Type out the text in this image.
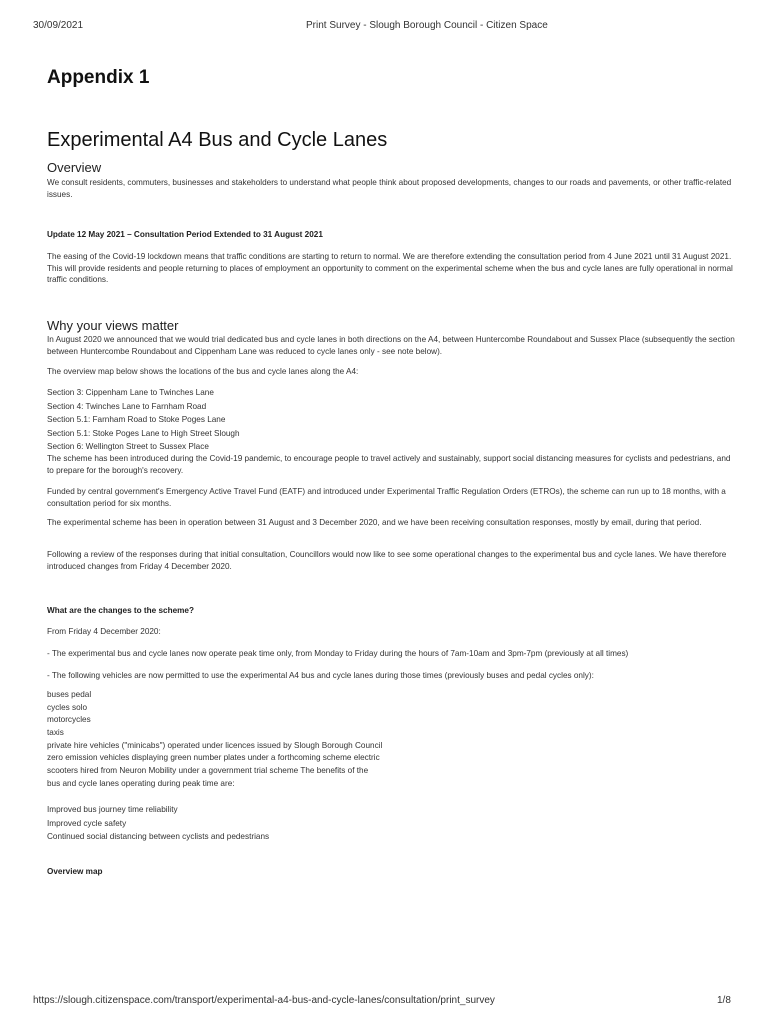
30/09/2021	Print Survey - Slough Borough Council - Citizen Space
Appendix 1
Experimental A4 Bus and Cycle Lanes
Overview

We consult residents, commuters, businesses and stakeholders to understand what people think about proposed developments, changes to our roads and pavements, or other traffic-related issues.

Update 12 May 2021 – Consultation Period Extended to 31 August 2021

The easing of the Covid-19 lockdown means that traffic conditions are starting to return to normal. We are therefore extending the consultation period from 4 June 2021 until 31 August 2021. This will provide residents and people returning to places of employment an opportunity to comment on the experimental scheme when the bus and cycle lanes are fully operational in normal traffic conditions.

Why your views matter

In August 2020 we announced that we would trial dedicated bus and cycle lanes in both directions on the A4, between Huntercombe Roundabout and Sussex Place (subsequently the section between Huntercombe Roundabout and Cippenham Lane was reduced to cycle lanes only - see note below).

The overview map below shows the locations of the bus and cycle lanes along the A4:

Section 3: Cippenham Lane to Twinches Lane
Section 4: Twinches Lane to Farnham Road
Section 5.1: Farnham Road to Stoke Poges Lane
Section 5.1: Stoke Poges Lane to High Street Slough
Section 6: Wellington Street to Sussex Place

The scheme has been introduced during the Covid-19 pandemic, to encourage people to travel actively and sustainably, support social distancing measures for cyclists and pedestrians, and to prepare for the borough's recovery.

Funded by central government's Emergency Active Travel Fund (EATF) and introduced under Experimental Traffic Regulation Orders (ETROs), the scheme can run up to 18 months, with a consultation period for six months.

The experimental scheme has been in operation between 31 August and 3 December 2020, and we have been receiving consultation responses, mostly by email, during that period.

Following a review of the responses during that initial consultation, Councillors would now like to see some operational changes to the experimental bus and cycle lanes. We have therefore introduced changes from Friday 4 December 2020.

What are the changes to the scheme?

From Friday 4 December 2020:

- The experimental bus and cycle lanes now operate peak time only, from Monday to Friday during the hours of 7am-10am and 3pm-7pm (previously at all times)

- The following vehicles are now permitted to use the experimental A4 bus and cycle lanes during those times (previously buses and pedal cycles only):

buses pedal
cycles solo
motorcycles
taxis
private hire vehicles ("minicabs") operated under licences issued by Slough Borough Council
zero emission vehicles displaying green number plates under a forthcoming scheme electric
scooters hired from Neuron Mobility under a government trial scheme The benefits of the
bus and cycle lanes operating during peak time are:
Improved bus journey time reliability
Improved cycle safety
Continued social distancing between cyclists and pedestrians

Overview map

https://slough.citizenspace.com/transport/experimental-a4-bus-and-cycle-lanes/consultation/print_survey	1/8
